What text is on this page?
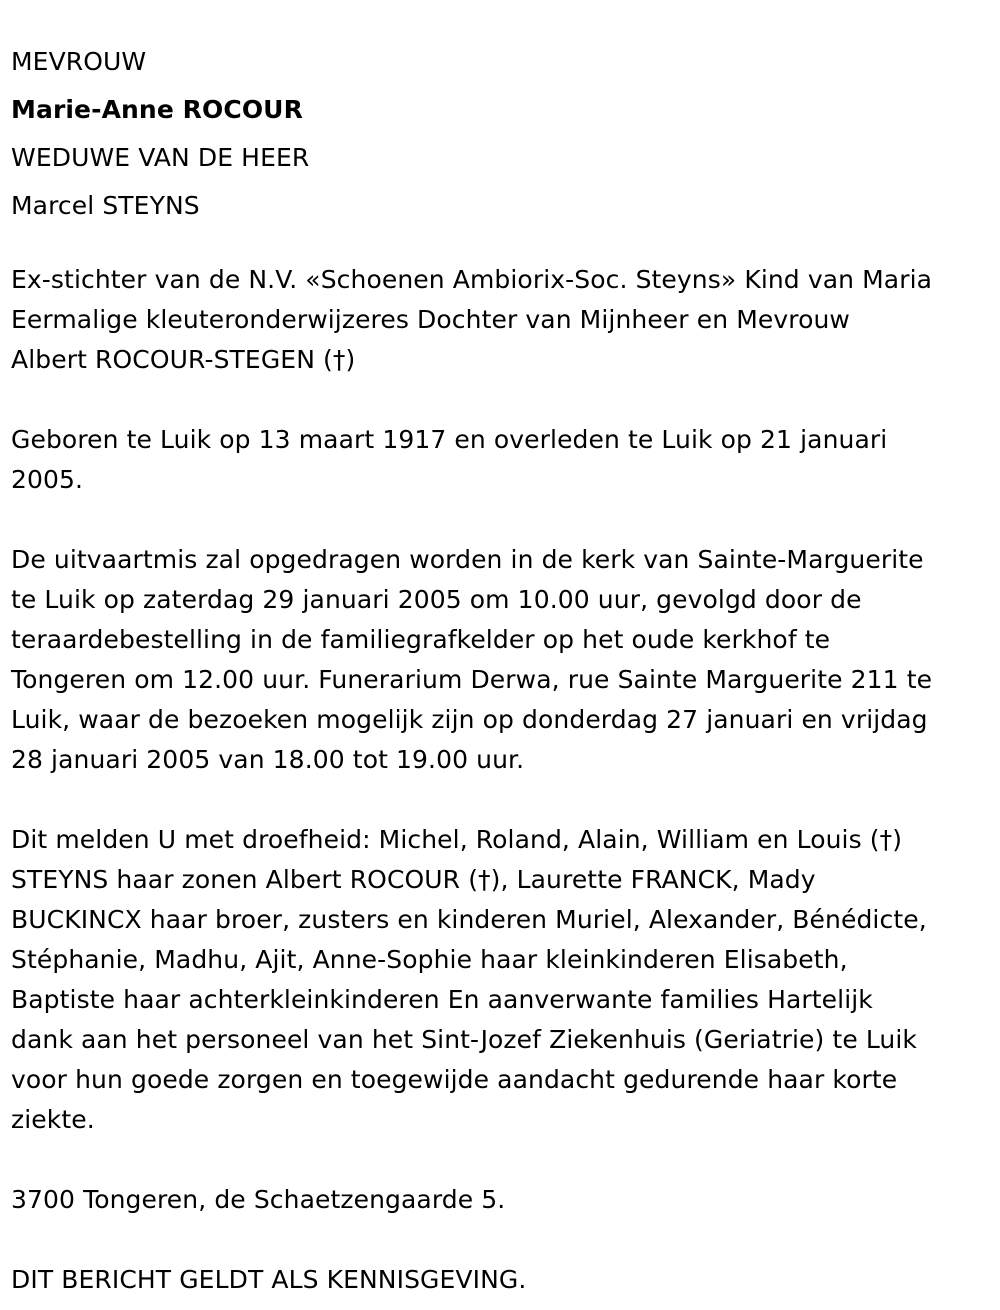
MEVROUW
Marie-Anne ROCOUR
WEDUWE VAN DE HEER
Marcel STEYNS
Ex-stichter van de N.V. «Schoenen Ambiorix-Soc. Steyns» Kind van Maria
Eermalige kleuteronderwijzeres Dochter van Mijnheer en Mevrouw
Albert ROCOUR-STEGEN (†)
Geboren te Luik op 13 maart 1917 en overleden te Luik op 21 januari
2005.
De uitvaartmis zal opgedragen worden in de kerk van Sainte-Marguerite
te Luik op zaterdag 29 januari 2005 om 10.00 uur, gevolgd door de
teraardebestelling in de familiegrafkelder op het oude kerkhof te
Tongeren om 12.00 uur. Funerarium Derwa, rue Sainte Marguerite 211 te
Luik, waar de bezoeken mogelijk zijn op donderdag 27 januari en vrijdag
28 januari 2005 van 18.00 tot 19.00 uur.
Dit melden U met droefheid: Michel, Roland, Alain, William en Louis (†)
STEYNS haar zonen Albert ROCOUR (†), Laurette FRANCK, Mady
BUCKINCX haar broer, zusters en kinderen Muriel, Alexander, Bénédicte,
Stéphanie, Madhu, Ajit, Anne-Sophie haar kleinkinderen Elisabeth,
Baptiste haar achterkleinkinderen En aanverwante families Hartelijk
dank aan het personeel van het Sint-Jozef Ziekenhuis (Geriatrie) te Luik
voor hun goede zorgen en toegewijde aandacht gedurende haar korte
ziekte.
3700 Tongeren, de Schaetzengaarde 5.
DIT BERICHT GELDT ALS KENNISGEVING.
